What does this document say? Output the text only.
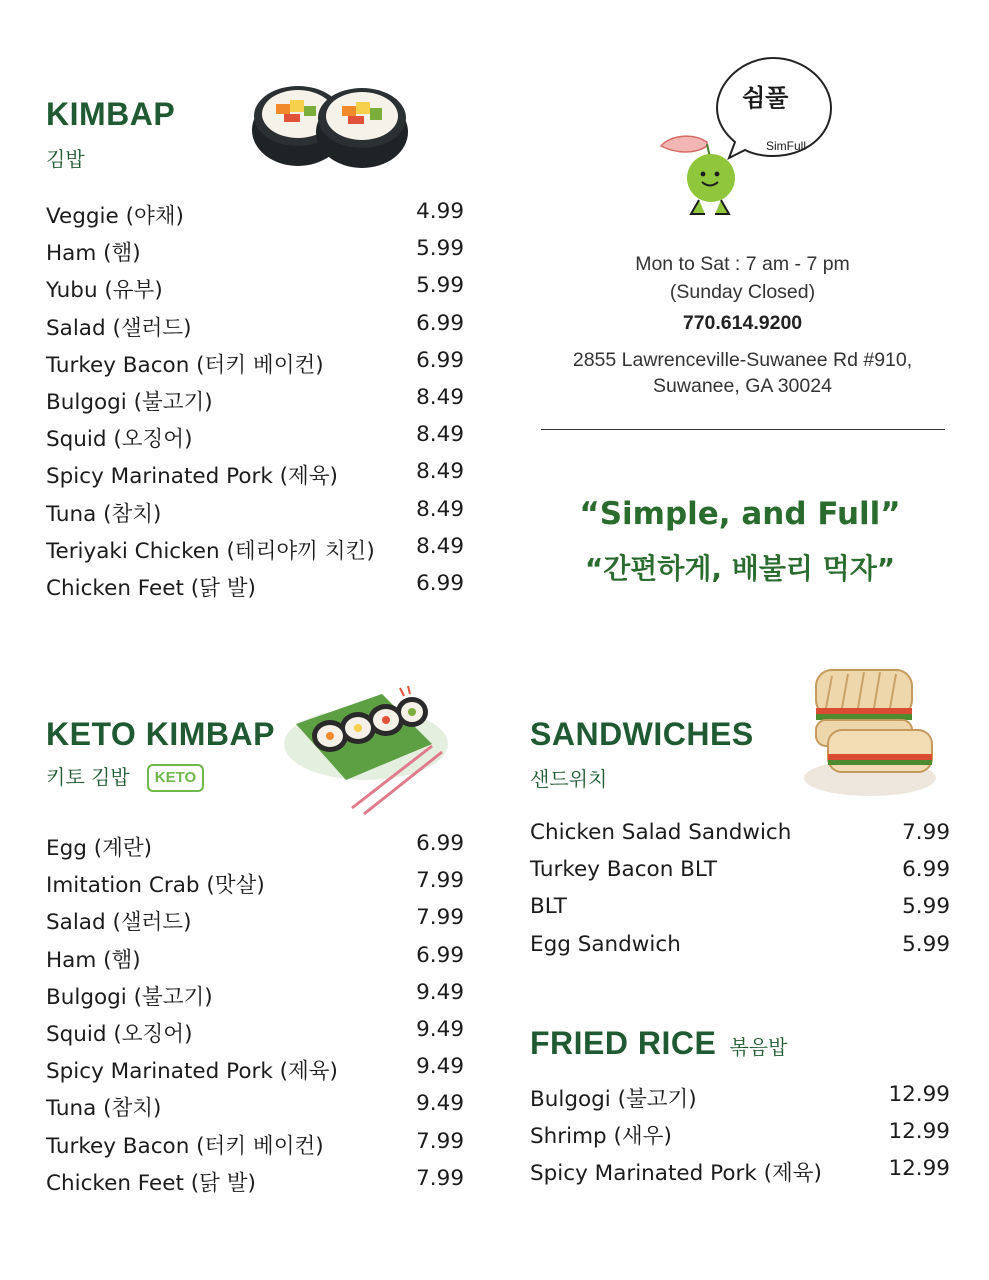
KIMBAP
김밥
Veggie (야채)	4.99
Ham (햄)	5.99
Yubu (유부)	5.99
Salad (샐러드)	6.99
Turkey Bacon (터키 베이컨)	6.99
Bulgogi (불고기)	8.49
Squid (오징어)	8.49
Spicy Marinated Pork (제육)	8.49
Tuna (참치)	8.49
Teriyaki Chicken (테리야끼 치킨) 8.49
Chicken Feet (닭 발)	6.99
쉼풀
SimFull
Mon to Sat : 7 am - 7 pm
(Sunday Closed)
770.614.9200
2855 Lawrenceville-Suwanee Rd #910,
Suwanee, GA 30024
“Simple, and Full”
“간편하게, 배불리 먹자”
KETO KIMBAP
키토 김밥 KETO
Egg (계란)	6.99
Imitation Crab (맛살)	7.99
Salad (샐러드)	7.99
Ham (햄)	6.99
Bulgogi (불고기)	9.49
Squid (오징어)	9.49
Spicy Marinated Pork (제육)	9.49
Tuna (참치)	9.49
Turkey Bacon (터키 베이컨)	7.99
Chicken Feet (닭 발)	7.99
SANDWICHES
샌드위치
Chicken Salad Sandwich	7.99
Turkey Bacon BLT	6.99
BLT	5.99
Egg Sandwich	5.99
FRIED RICE 볶음밥
Bulgogi (불고기)	12.99
Shrimp (새우)	12.99
Spicy Marinated Pork (제육)	12.99
